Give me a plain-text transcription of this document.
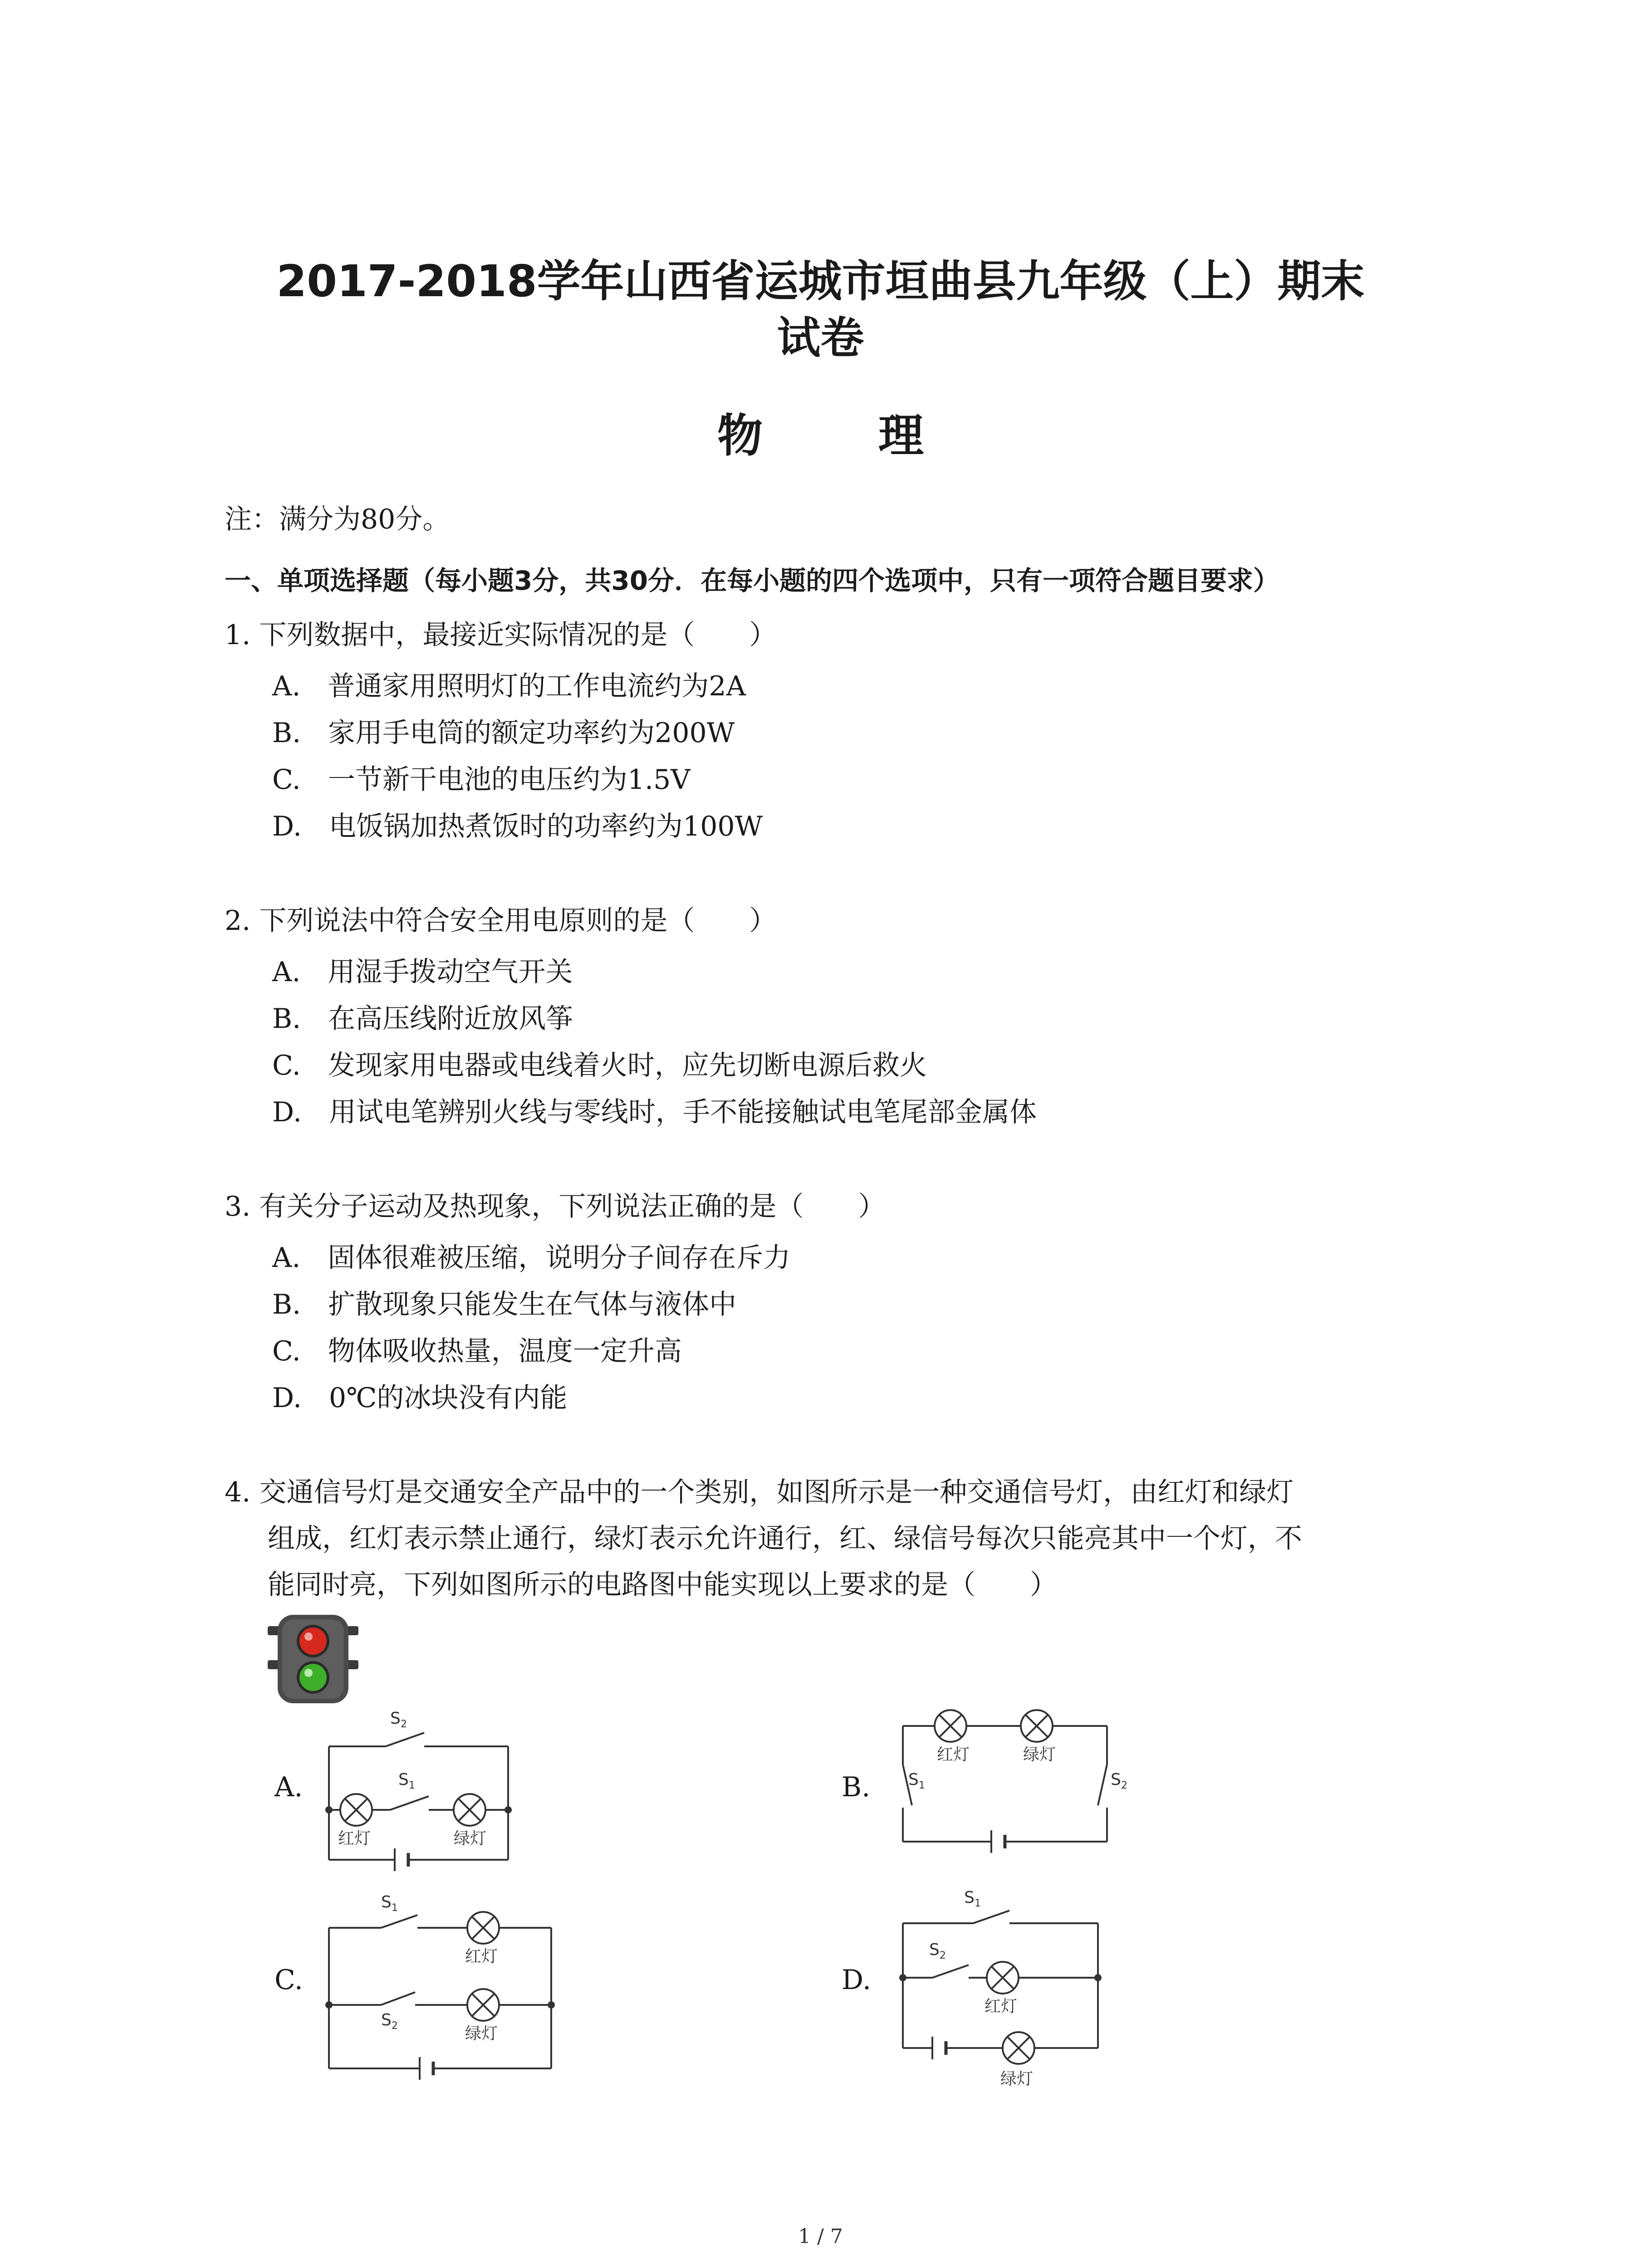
2017-2018学年山西省运城市垣曲县九年级（上）期末
试卷
物 理
注：满分为80分。
一、单项选择题（每小题3分，共30分．在每小题的四个选项中，只有一项符合题目要求）
1. 下列数据中，最接近实际情况的是（　　）
A.　普通家用照明灯的工作电流约为2A
B.　家用手电筒的额定功率约为200W
C.　一节新干电池的电压约为1.5V
D.　电饭锅加热煮饭时的功率约为100W
2. 下列说法中符合安全用电原则的是（　　）
A.　用湿手拨动空气开关
B.　在高压线附近放风筝
C.　发现家用电器或电线着火时，应先切断电源后救火
D.　用试电笔辨别火线与零线时，手不能接触试电笔尾部金属体
3. 有关分子运动及热现象，下列说法正确的是（　　）
A.　固体很难被压缩，说明分子间存在斥力
B.　扩散现象只能发生在气体与液体中
C.　物体吸收热量，温度一定升高
D.　0℃的冰块没有内能
4. 交通信号灯是交通安全产品中的一个类别，如图所示是一种交通信号灯，由红灯和绿灯
组成，红灯表示禁止通行，绿灯表示允许通行，红、绿信号每次只能亮其中一个灯，不
能同时亮，下列如图所示的电路图中能实现以上要求的是（　　）
A.	B.
C.	D.
S 2
S 1
红灯	绿灯
红灯	绿灯
S 1	S 2
S 1
红灯
S 2	绿灯
S 1
S 2
红灯
绿灯
1 / 7
